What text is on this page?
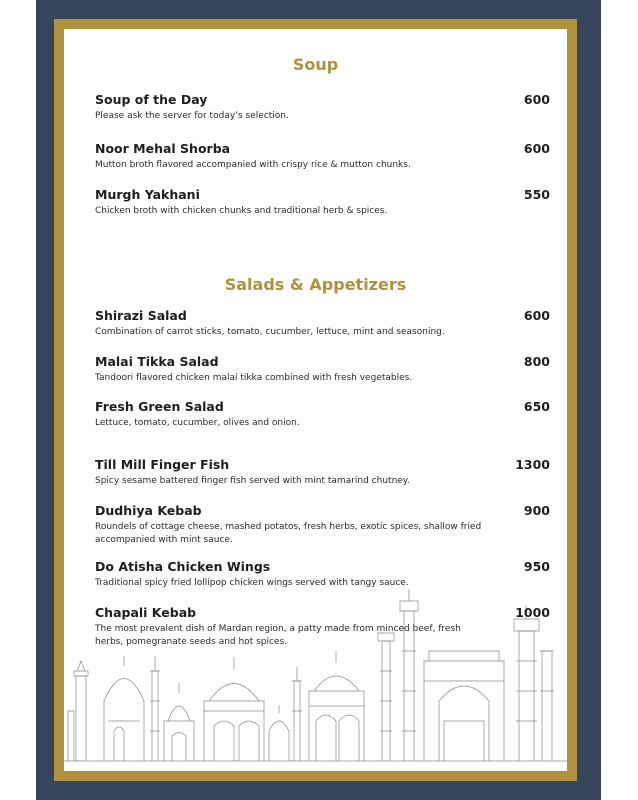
Soup
Soup of the Day	600
Please ask the server for today’s selection.
Noor Mehal Shorba	600
Mutton broth flavored accompanied with crispy rice & mutton chunks.
Murgh Yakhani	550
Chicken broth with chicken chunks and traditional herb & spices.
Salads & Appetizers
Shirazi Salad	600
Combination of carrot sticks, tomato, cucumber, lettuce, mint and seasoning.
Malai Tikka Salad	800
Tandoori flavored chicken malai tikka combined with fresh vegetables.
Fresh Green Salad	650
Lettuce, tomato, cucumber, olives and onion.
Till Mill Finger Fish	1300
Spicy sesame battered finger fish served with mint tamarind chutney.
Dudhiya Kebab	900
Roundels of cottage cheese, mashed potatos, fresh herbs, exotic spices, shallow fried accompanied with mint sauce.
Do Atisha Chicken Wings	950
Traditional spicy fried lollipop chicken wings served with tangy sauce.
Chapali Kebab	1000
The most prevalent dish of Mardan region, a patty made from minced beef, fresh herbs, pomegranate seeds and hot spices.
